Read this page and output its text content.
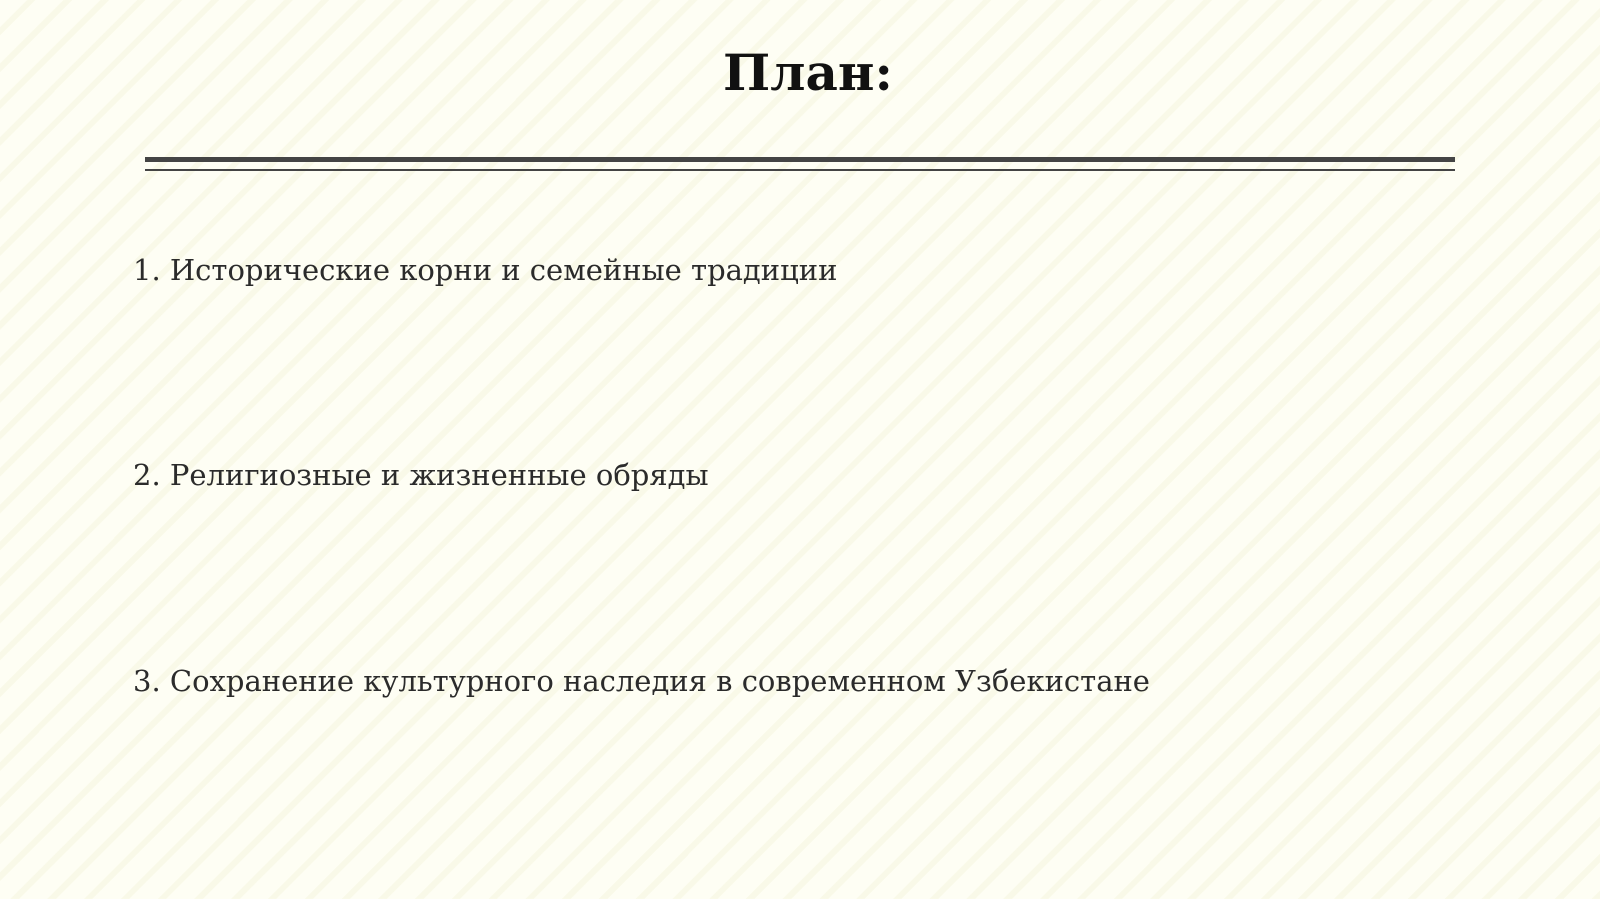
План:
1. Исторические корни и семейные традиции
2. Религиозные и жизненные обряды
3. Сохранение культурного наследия в современном Узбекистане
